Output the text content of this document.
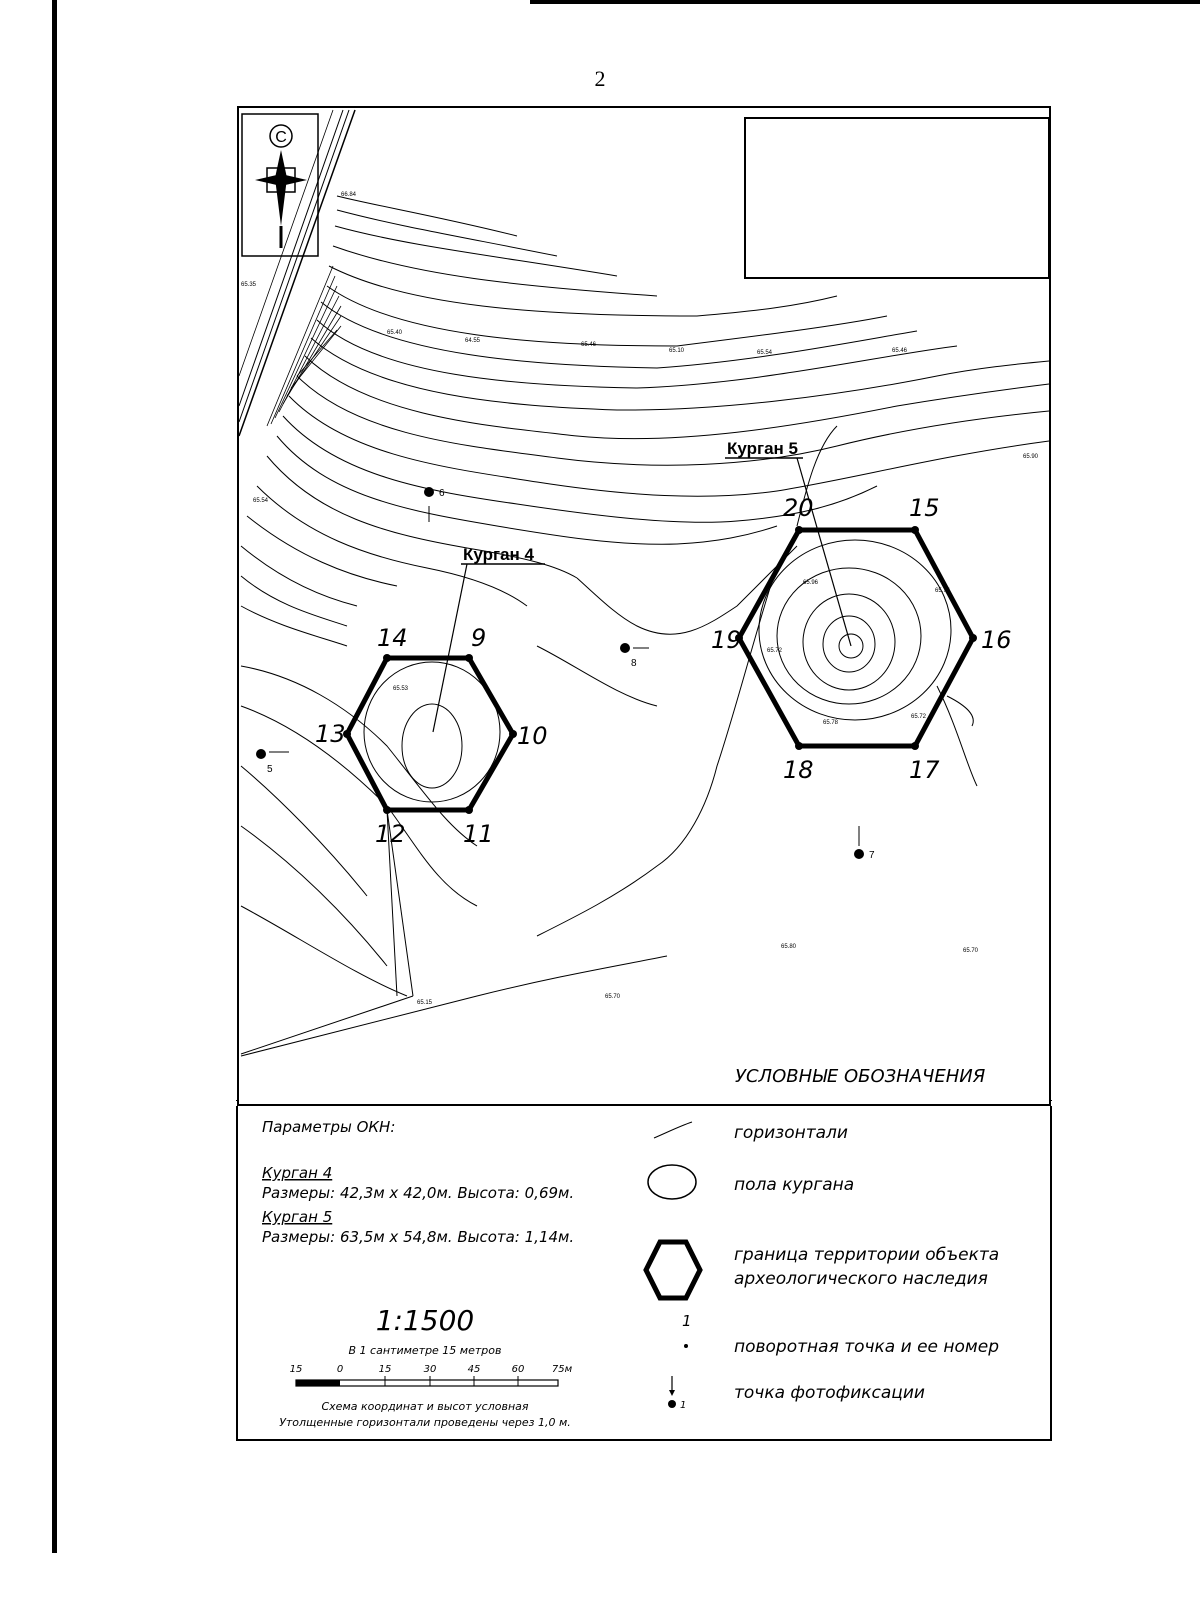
2
С
20	15
16
17
18
19
14	9
10
11
12
13
Курган 5
Курган 4
5
6
7
8
66.84
65.35
64.55
65.46
65.54	65.46
65.40
65.10
65.90
65.54
65.53
65.96
65.74
65.72
65.72
65.78
65.80
65.70
65.70
65.15
УСЛОВНЫЕ ОБОЗНАЧЕНИЯ
Параметры ОКН:
Курган 4
Размеры: 42,3м х 42,0м. Высота: 0,69м.
Курган 5
Размеры: 63,5м х 54,8м. Высота: 1,14м.
1:1500
В 1 сантиметре 15 метров
15	0	15	30	45	60	75м
Схема координат и высот условная
Утолщенные горизонтали проведены через 1,0 м.
горизонтали
пола кургана
граница территории объекта
археологического наследия
1
поворотная точка и ее номер
1
точка фотофиксации
